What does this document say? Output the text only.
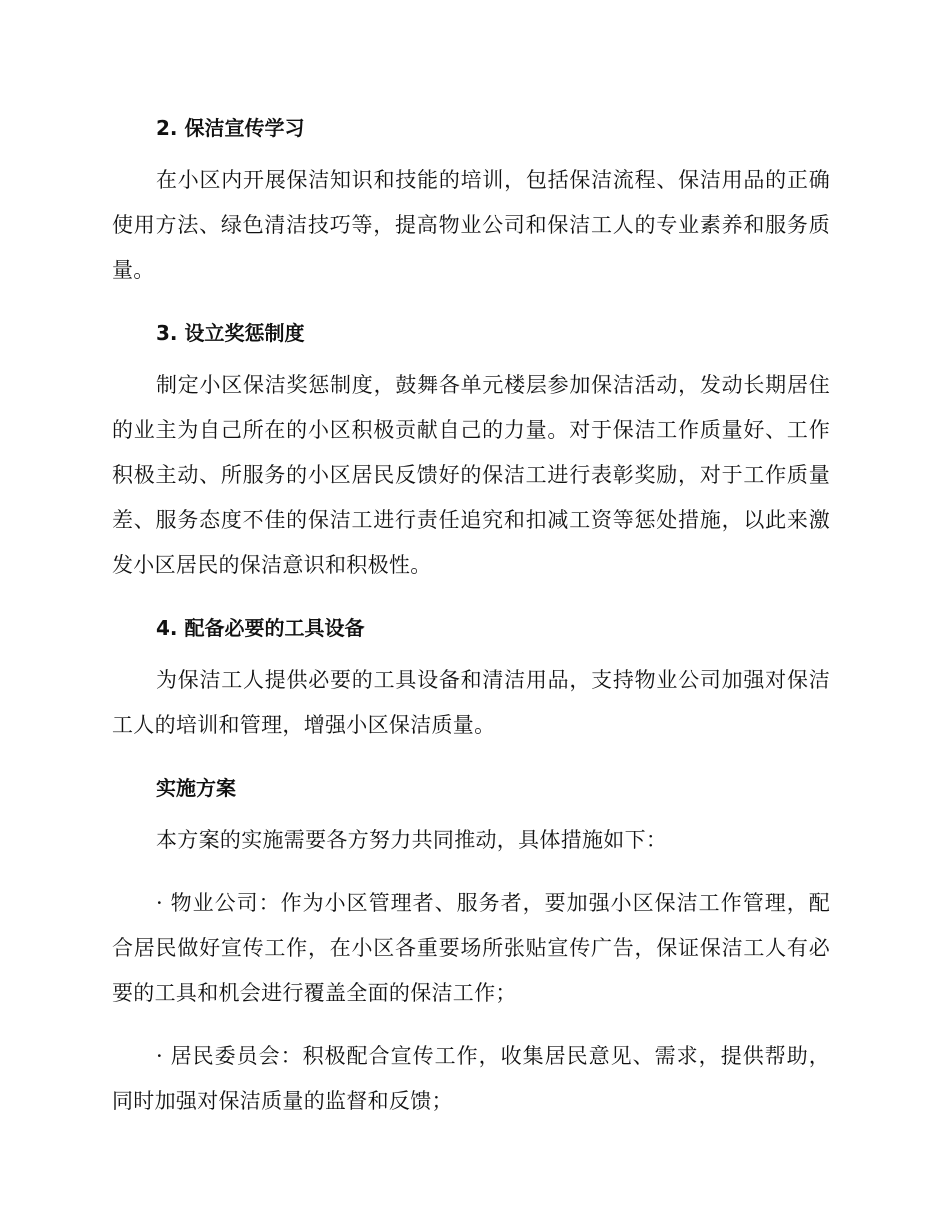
2. 保洁宣传学习

在小区内开展保洁知识和技能的培训，包括保洁流程、保洁用品的正确使用方法、绿色清洁技巧等，提高物业公司和保洁工人的专业素养和服务质量。

3. 设立奖惩制度

制定小区保洁奖惩制度，鼓舞各单元楼层参加保洁活动，发动长期居住的业主为自己所在的小区积极贡献自己的力量。对于保洁工作质量好、工作积极主动、所服务的小区居民反馈好的保洁工进行表彰奖励，对于工作质量差、服务态度不佳的保洁工进行责任追究和扣减工资等惩处措施，以此来激发小区居民的保洁意识和积极性。

4. 配备必要的工具设备

为保洁工人提供必要的工具设备和清洁用品，支持物业公司加强对保洁工人的培训和管理，增强小区保洁质量。

实施方案

本方案的实施需要各方努力共同推动，具体措施如下：

· 物业公司：作为小区管理者、服务者，要加强小区保洁工作管理，配合居民做好宣传工作，在小区各重要场所张贴宣传广告，保证保洁工人有必要的工具和机会进行覆盖全面的保洁工作；

· 居民委员会：积极配合宣传工作，收集居民意见、需求，提供帮助，同时加强对保洁质量的监督和反馈；
